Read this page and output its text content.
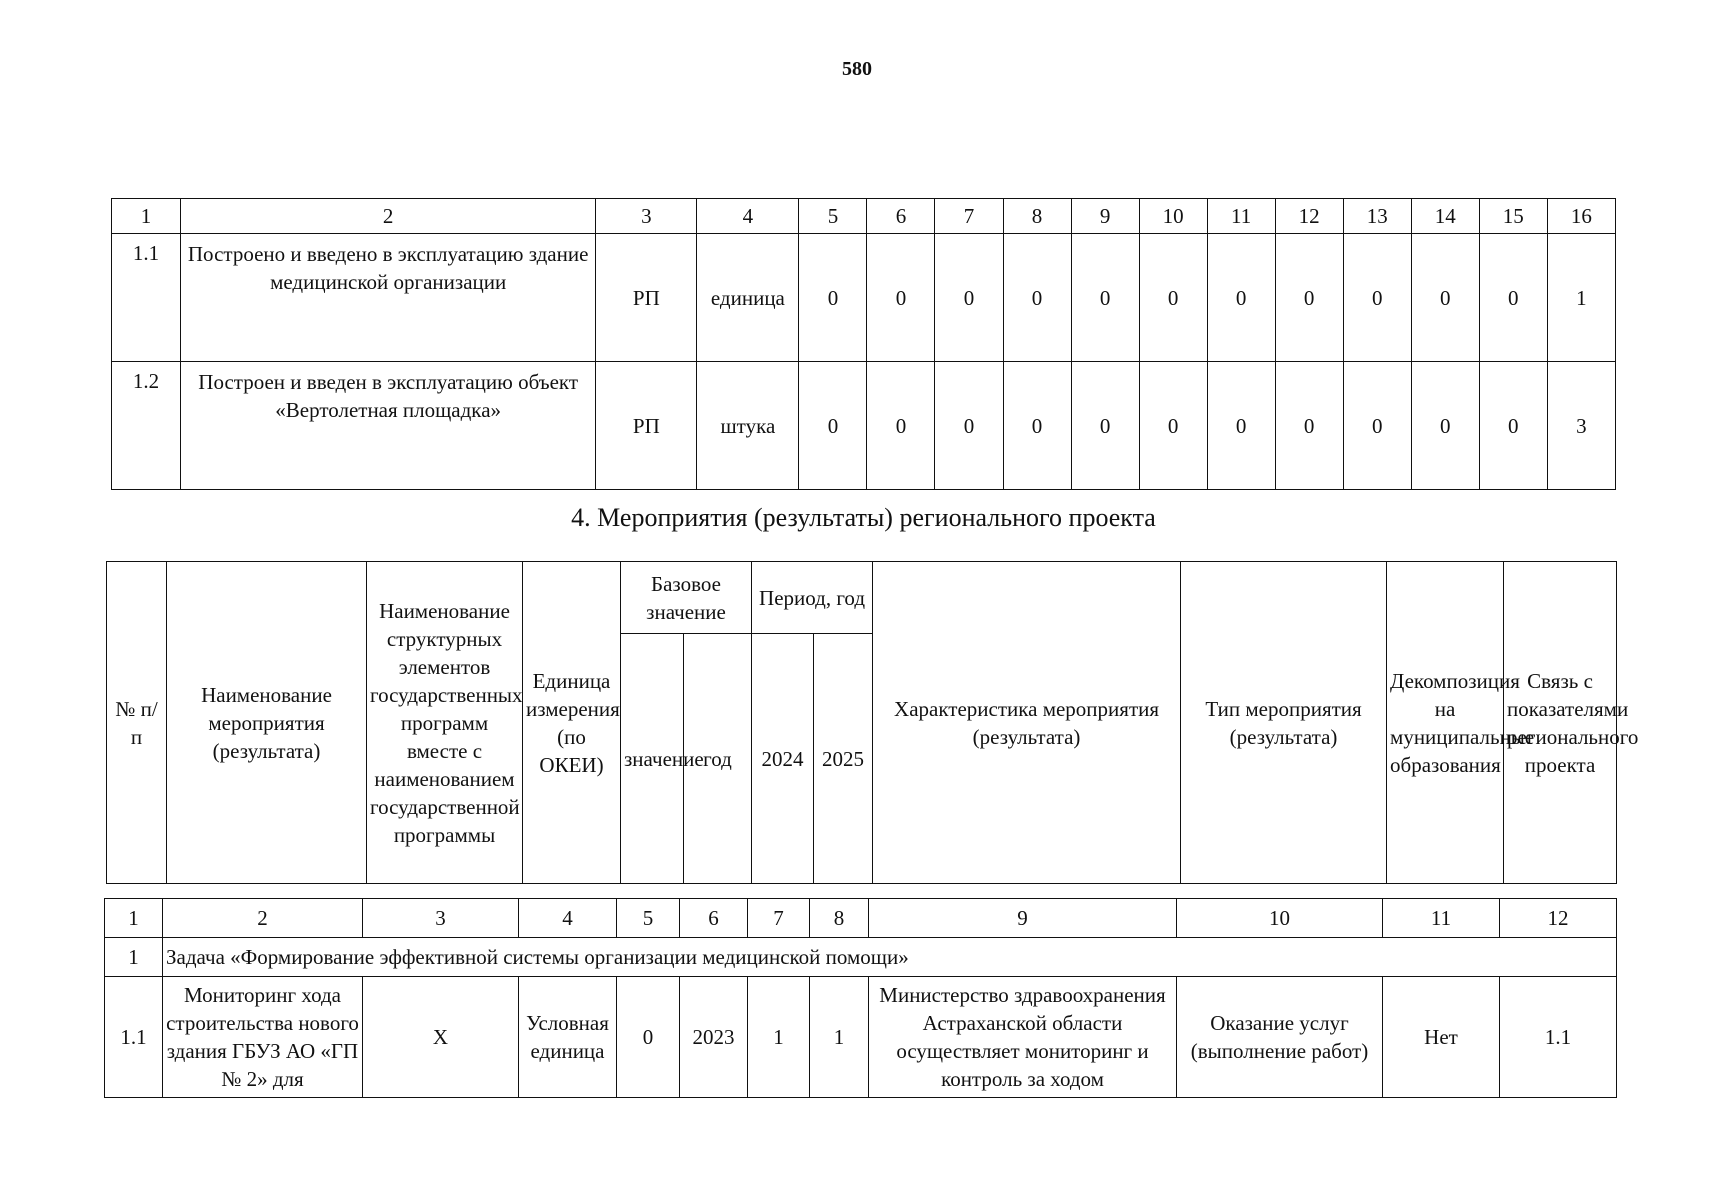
580
1	2	3	4	5	6	7	8	9	10	11	12	13	14	15	16
1.1	Построено и введено в эксплуатацию здание медицинской организации	РП	единица	0	0	0	0	0	0	0	0	0	0	0	1
1.2	Построен и введен в эксплуатацию объект «Вертолетная площадка»	РП	штука	0	0	0	0	0	0	0	0	0	0	0	3
4. Мероприятия (результаты) регионального проекта
№ п/п	Наименование мероприятия (результата)	Наименование структурных элементов государственных программ вместе с наименованием государственной программы	Единица измерения (по ОКЕИ)	Базовое значение		Период, год		Характеристика мероприятия (результата)	Тип мероприятия (результата)	Декомпозиция на муниципальные образования	Связь с показателями регионального проекта
				значение	год	2024	2025				
1	2	3	4	5	6	7	8	9	10	11	12
1	Задача «Формирование эффективной системы организации медицинской помощи»										
1.1	Мониторинг хода строительства нового здания ГБУЗ АО «ГП № 2» для	Х	Условная единица	0	2023	1	1	Министерство здравоохранения Астраханской области осуществляет мониторинг и контроль за ходом	Оказание услуг (выполнение работ)	Нет	1.1
